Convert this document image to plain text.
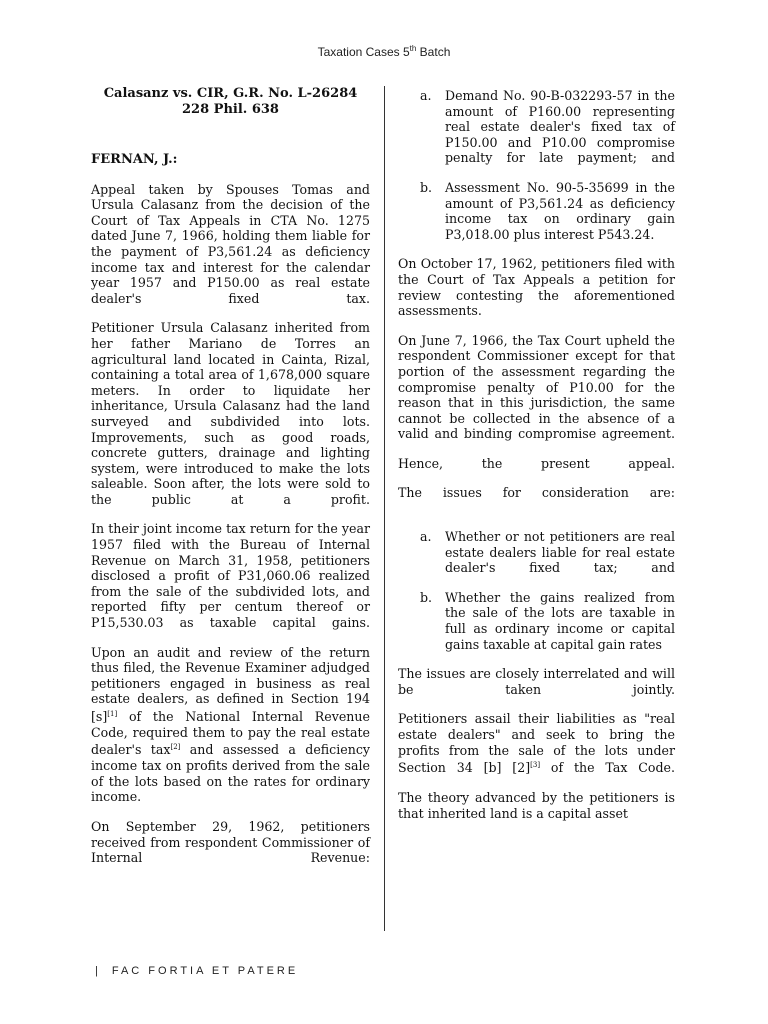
Taxation Cases 5th Batch

Calasanz vs. CIR, G.R. No. L-26284
228 Phil. 638

FERNAN, J.:

Appeal taken by Spouses Tomas and Ursula Calasanz from the decision of the Court of Tax Appeals in CTA No. 1275 dated June 7, 1966, holding them liable for the payment of P3,561.24 as deficiency income tax and interest for the calendar year 1957 and P150.00 as real estate dealer's fixed tax.

Petitioner Ursula Calasanz inherited from her father Mariano de Torres an agricultural land located in Cainta, Rizal, containing a total area of 1,678,000 square meters. In order to liquidate her inheritance, Ursula Calasanz had the land surveyed and subdivided into lots. Improvements, such as good roads, concrete gutters, drainage and lighting system, were introduced to make the lots saleable. Soon after, the lots were sold to the public at a profit.

In their joint income tax return for the year 1957 filed with the Bureau of Internal Revenue on March 31, 1958, petitioners disclosed a profit of P31,060.06 realized from the sale of the subdivided lots, and reported fifty per centum thereof or P15,530.03 as taxable capital gains.

Upon an audit and review of the return thus filed, the Revenue Examiner adjudged petitioners engaged in business as real estate dealers, as defined in Section 194 [s][1] of the National Internal Revenue Code, required them to pay the real estate dealer's tax[2] and assessed a deficiency income tax on profits derived from the sale of the lots based on the rates for ordinary income.

On September 29, 1962, petitioners received from respondent Commissioner of Internal Revenue:

a.	Demand No. 90-B-032293-57 in the amount of P160.00 representing real estate dealer's fixed tax of P150.00 and P10.00 compromise penalty for late payment; and
b.	Assessment No. 90-5-35699 in the amount of P3,561.24 as deficiency income tax on ordinary gain P3,018.00 plus interest P543.24.

On October 17, 1962, petitioners filed with the Court of Tax Appeals a petition for review contesting the aforementioned assessments.

On June 7, 1966, the Tax Court upheld the respondent Commissioner except for that portion of the assessment regarding the compromise penalty of P10.00 for the reason that in this jurisdiction, the same cannot be collected in the absence of a valid and binding compromise agreement.

Hence, the present appeal.

The issues for consideration are:

a.	Whether or not petitioners are real estate dealers liable for real estate dealer's fixed tax; and
b.	Whether the gains realized from the sale of the lots are taxable in full as ordinary income or capital gains taxable at capital gain rates

The issues are closely interrelated and will be taken jointly.

Petitioners assail their liabilities as "real estate dealers" and seek to bring the profits from the sale of the lots under Section 34 [b] [2][3] of the Tax Code.

The theory advanced by the petitioners is that inherited land is a capital asset

| FAC FORTIA ET PATERE
